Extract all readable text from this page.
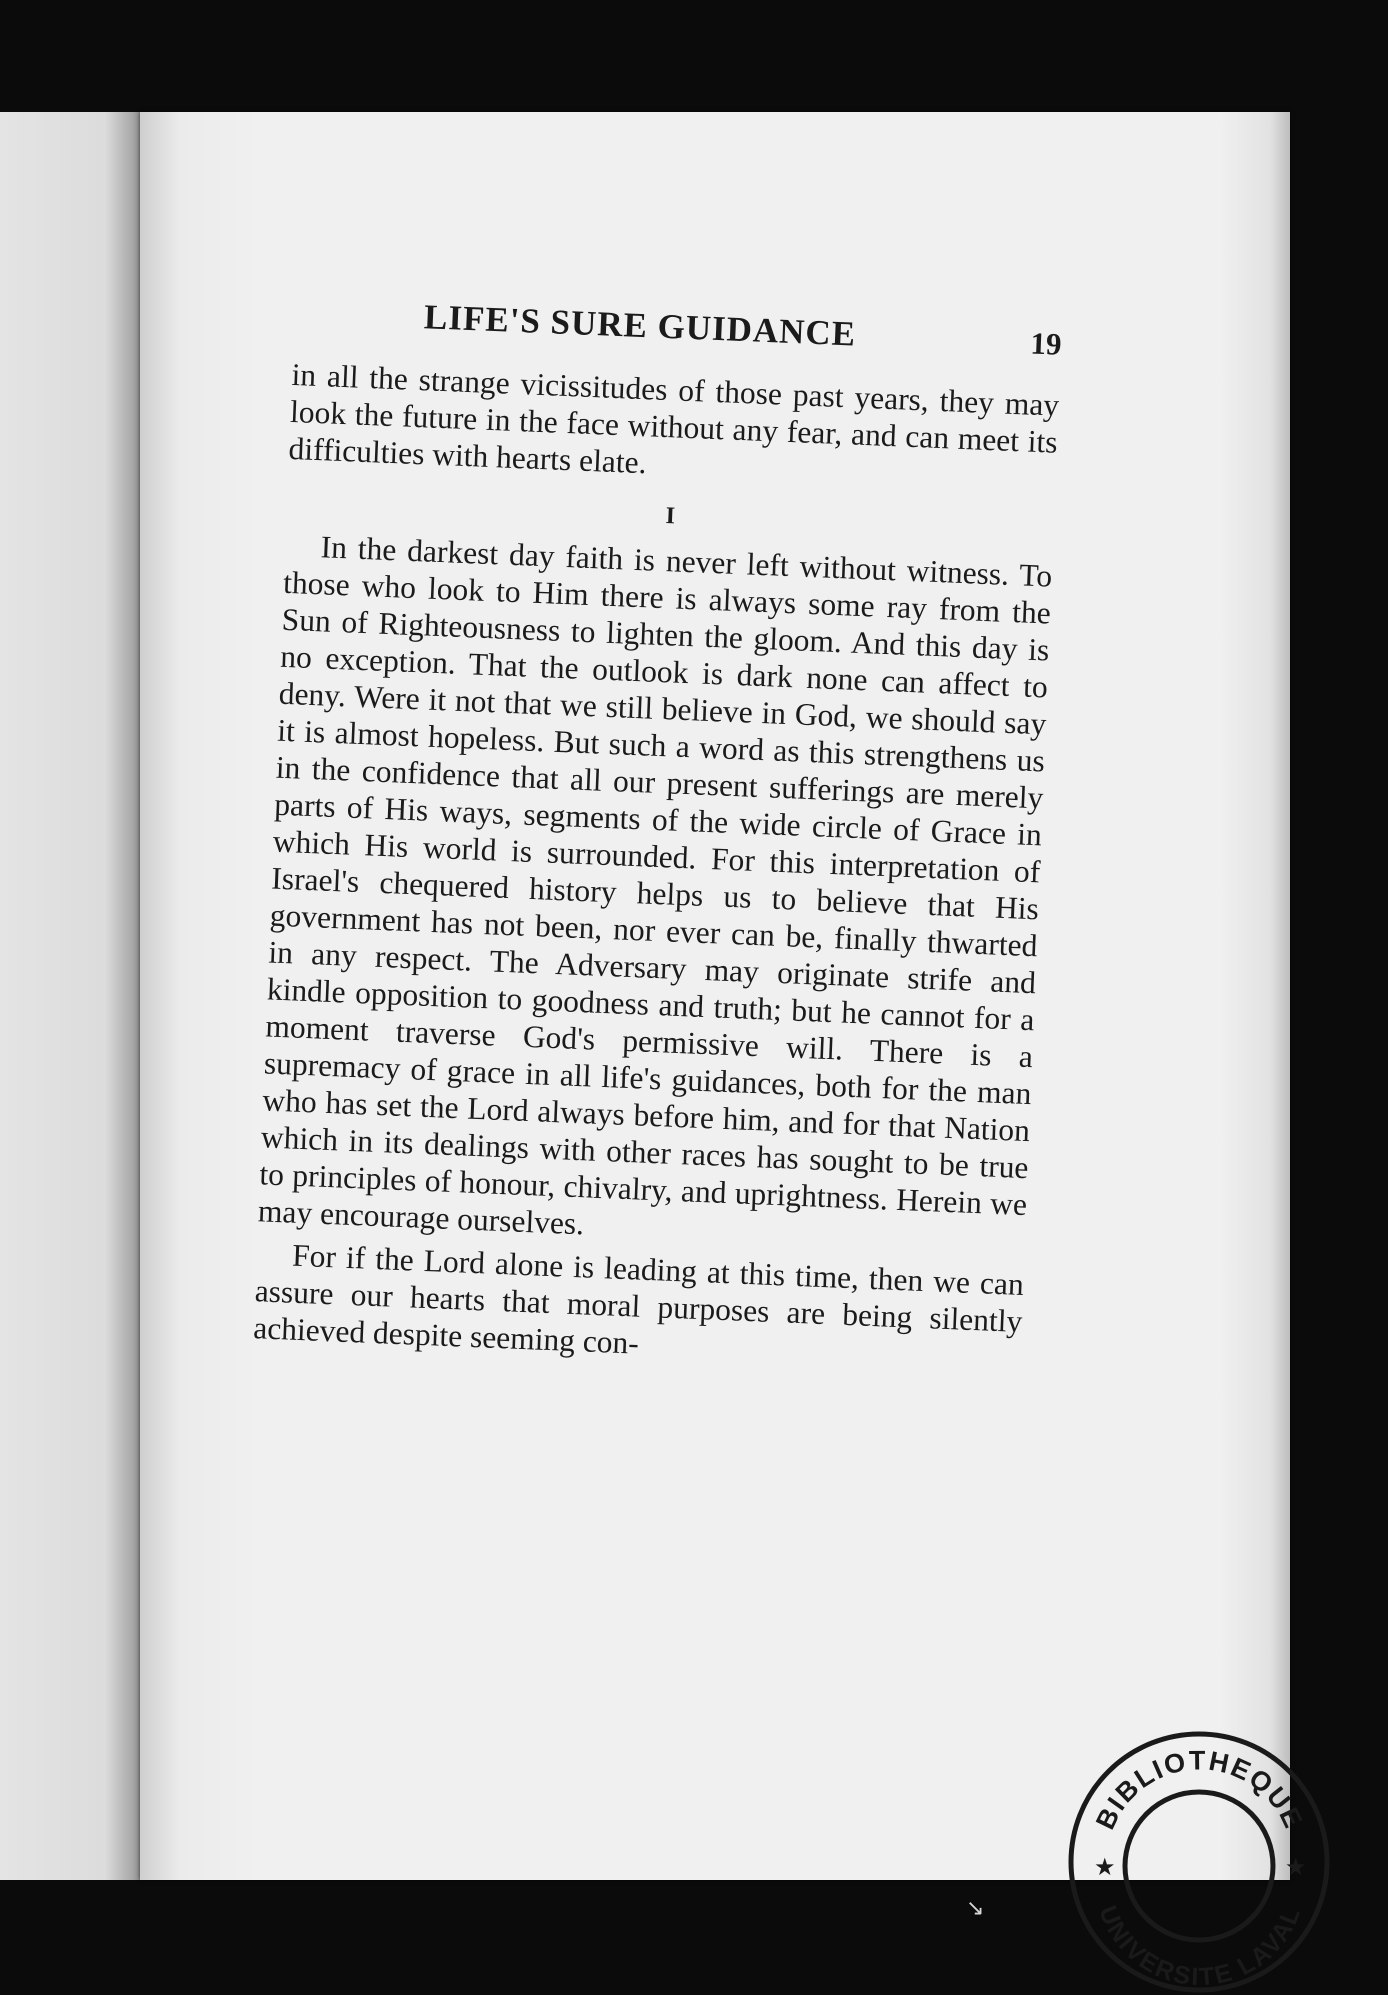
LIFE'S SURE GUIDANCE	19

in all the strange vicissitudes of those past years, they may look the future in the face without any fear, and can meet its difficulties with hearts elate.

I

In the darkest day faith is never left without witness. To those who look to Him there is always some ray from the Sun of Righteousness to lighten the gloom. And this day is no exception. That the outlook is dark none can affect to deny. Were it not that we still believe in God, we should say it is almost hopeless. But such a word as this strengthens us in the confidence that all our present sufferings are merely parts of His ways, segments of the wide circle of Grace in which His world is surrounded. For this interpretation of Israel's chequered history helps us to believe that His government has not been, nor ever can be, finally thwarted in any respect. The Adversary may originate strife and kindle opposition to goodness and truth; but he cannot for a moment traverse God's permissive will. There is a supremacy of grace in all life's guidances, both for the man who has set the Lord always before him, and for that Nation which in its dealings with other races has sought to be true to principles of honour, chivalry, and uprightness. Herein we may encourage ourselves.

For if the Lord alone is leading at this time, then we can assure our hearts that moral purposes are being silently achieved despite seeming con-

BIBLIOTHEQUE
UNIVERSITE LAVAL
★	★
↘
